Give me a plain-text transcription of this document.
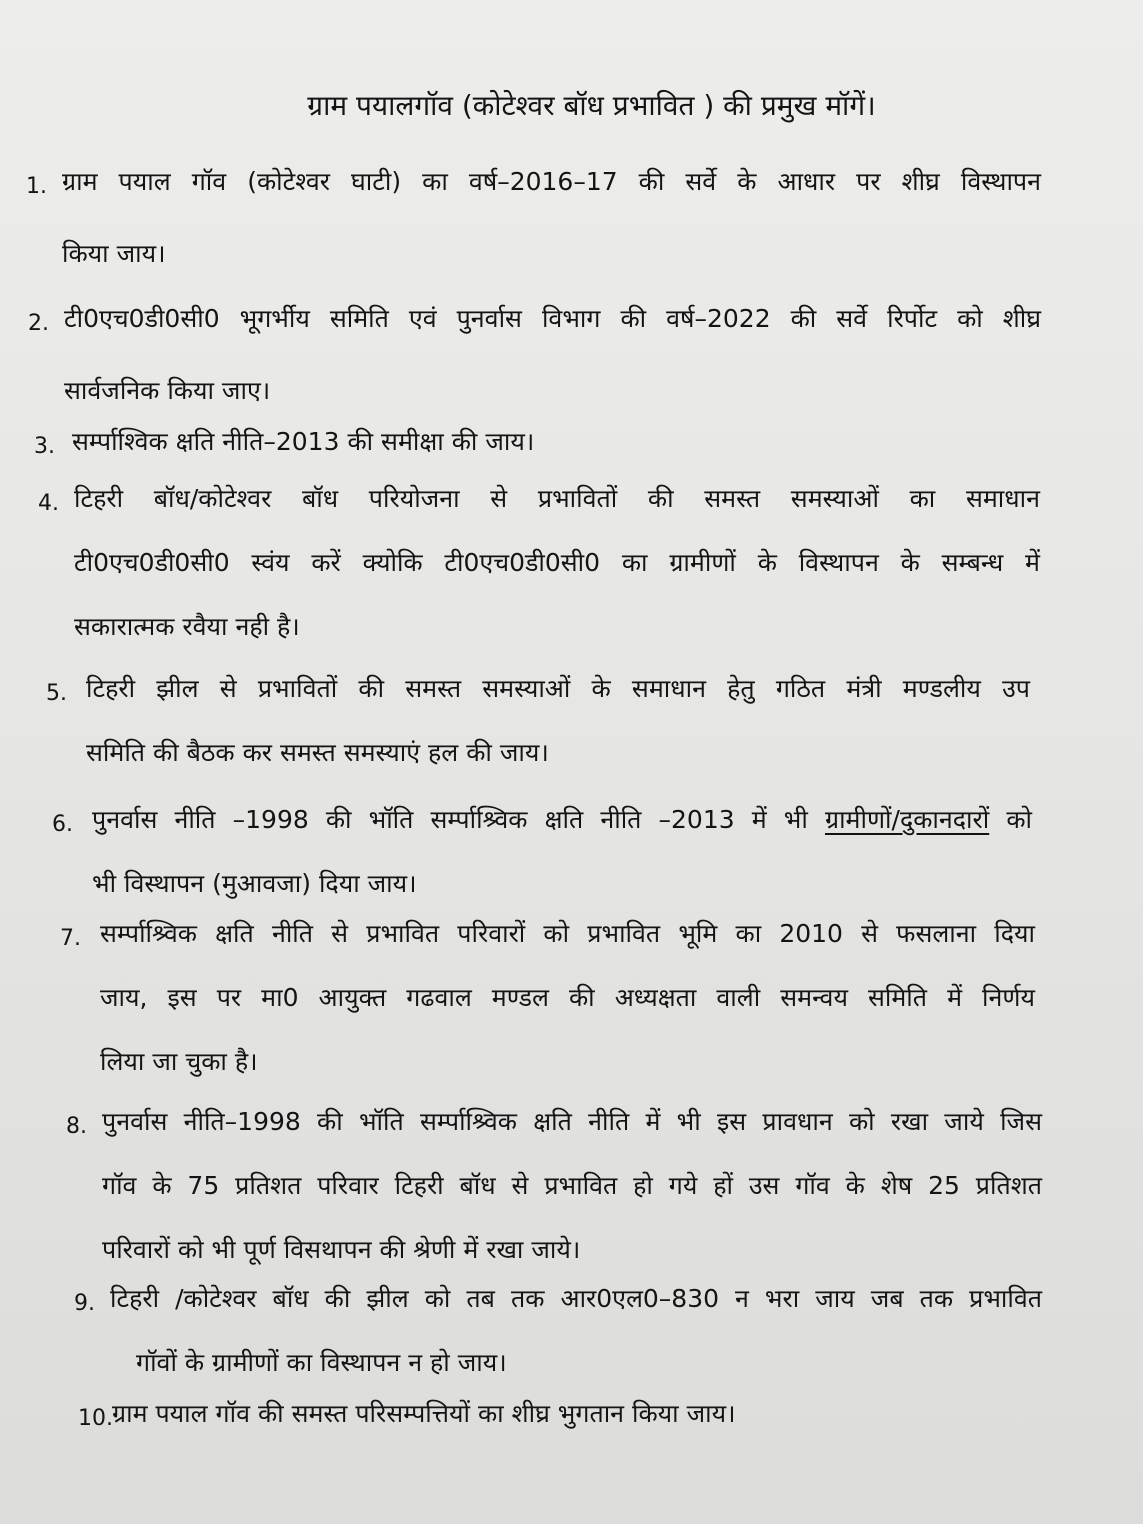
ग्राम पयालगॉव (कोटेश्वर बॉध प्रभावित ) की प्रमुख मॉगें।
1. ग्राम पयाल गॉव (कोटेश्वर घाटी) का वर्ष–2016–17 की सर्वे के आधार पर शीघ्र विस्थापन
किया जाय।
2. टी0एच0डी0सी0 भूगर्भीय समिति एवं पुनर्वास विभाग की वर्ष–2022 की सर्वे रिर्पोट को शीघ्र
सार्वजनिक किया जाए।
3. सर्म्पाश्विक क्षति नीति–2013 की समीक्षा की जाय।
4. टिहरी बॉध/कोटेश्वर बॉध परियोजना से प्रभावितों की समस्त समस्याओं का समाधान
टी0एच0डी0सी0 स्वंय करें क्योकि टी0एच0डी0सी0 का ग्रामीणों के विस्थापन के सम्बन्ध में
सकारात्मक रवैया नही है।
5. टिहरी झील से प्रभावितों की समस्त समस्याओं के समाधान हेतु गठित मंत्री मण्डलीय उप
समिति की बैठक कर समस्त समस्याएं हल की जाय।
6. पुनर्वास नीति –1998 की भॉति सर्म्पाश्र्विक क्षति नीति –2013 में भी ग्रामीणों/दुकानदारों को
भी विस्थापन (मुआवजा) दिया जाय।
7. सर्म्पाश्र्विक क्षति नीति से प्रभावित परिवारों को प्रभावित भूमि का 2010 से फसलाना दिया
जाय, इस पर मा0 आयुक्त गढवाल मण्डल की अध्यक्षता वाली समन्वय समिति में निर्णय
लिया जा चुका है।
8. पुनर्वास नीति–1998 की भॉति सर्म्पाश्र्विक क्षति नीति में भी इस प्रावधान को रखा जाये जिस
गॉव के 75 प्रतिशत परिवार टिहरी बॉध से प्रभावित हो गये हों उस गॉव के शेष 25 प्रतिशत
परिवारों को भी पूर्ण विसथापन की श्रेणी में रखा जाये।
9. टिहरी /कोटेश्वर बॉध की झील को तब तक आर0एल0–830 न भरा जाय जब तक प्रभावित
गॉवों के ग्रामीणों का विस्थापन न हो जाय।
10. ग्राम पयाल गॉव की समस्त परिसम्पत्तियों का शीघ्र भुगतान किया जाय।
